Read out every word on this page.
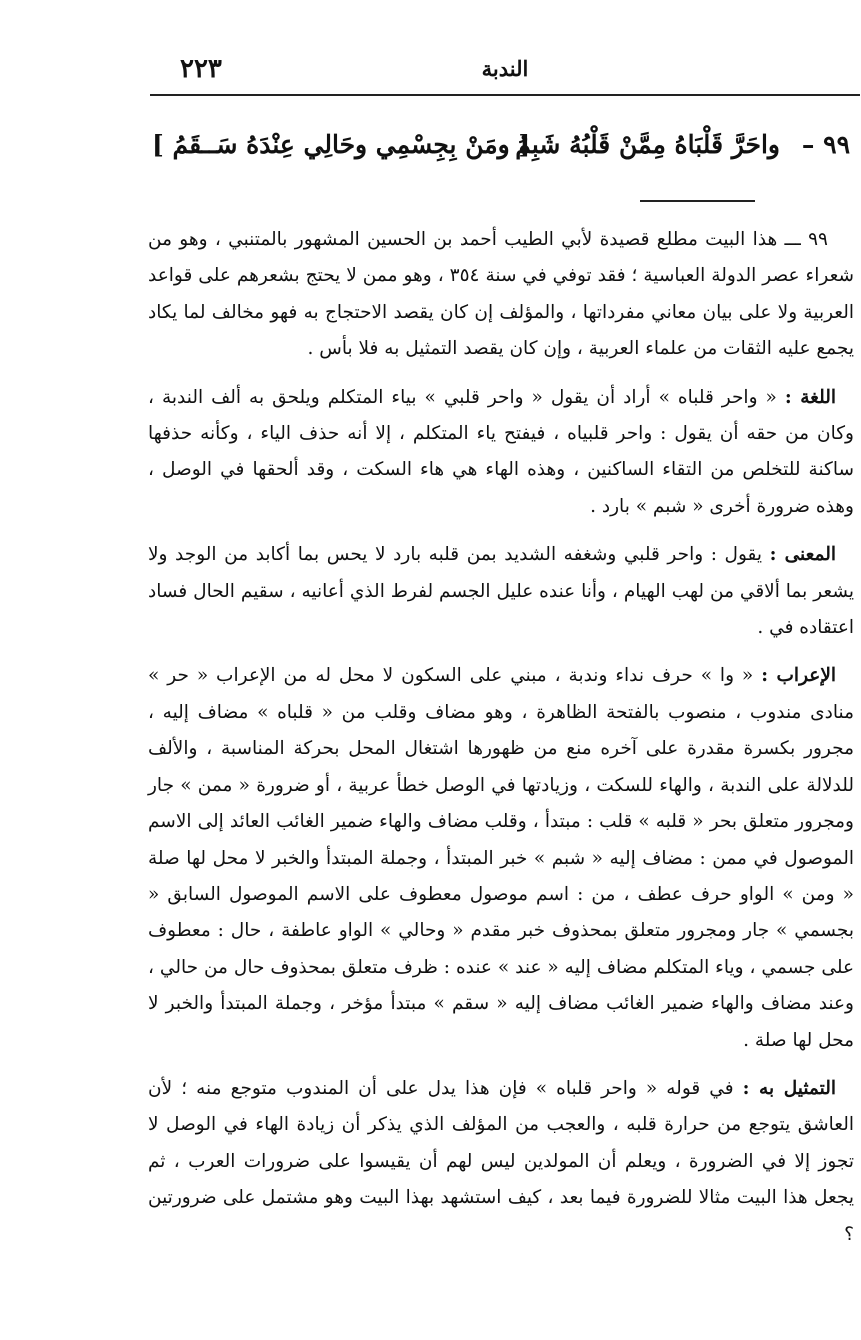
الندبة
٢٢٣
٩٩ –
واحَرَّ قَلْبَاهُ مِمَّنْ قَلْبُهُ شَبِمُ
[ ومَنْ بِجِسْمِي وحَالِي عِنْدَهُ سَــقَمُ ]

٩٩ ـــ هذا البيت مطلع قصيدة لأبي الطيب أحمد بن الحسين المشهور بالمتنبي ، وهو من شعراء عصر الدولة العباسية ؛ فقد توفي في سنة ٣٥٤ ، وهو ممن لا يحتج بشعرهم على قواعد العربية ولا على بيان معاني مفرداتها ، والمؤلف إن كان يقصد الاحتجاج به فهو مخالف لما يكاد يجمع عليه الثقات من علماء العربية ، وإن كان يقصد التمثيل به فلا بأس .

اللغة : « واحر قلباه » أراد أن يقول « واحر قلبي » بياء المتكلم ويلحق به ألف الندبة ، وكان من حقه أن يقول : واحر قلبياه ، فيفتح ياء المتكلم ، إلا أنه حذف الياء ، وكأنه حذفها ساكنة للتخلص من التقاء الساكنين ، وهذه الهاء هي هاء السكت ، وقد ألحقها في الوصل ، وهذه ضرورة أخرى « شبم » بارد .

المعنى : يقول : واحر قلبي وشغفه الشديد بمن قلبه بارد لا يحس بما أكابد من الوجد ولا يشعر بما ألاقي من لهب الهيام ، وأنا عنده عليل الجسم لفرط الذي أعانيه ، سقيم الحال فساد اعتقاده في .

الإعراب : « وا » حرف نداء وندبة ، مبني على السكون لا محل له من الإعراب « حر » منادى مندوب ، منصوب بالفتحة الظاهرة ، وهو مضاف وقلب من « قلباه » مضاف إليه ، مجرور بكسرة مقدرة على آخره منع من ظهورها اشتغال المحل بحركة المناسبة ، والألف للدلالة على الندبة ، والهاء للسكت ، وزيادتها في الوصل خطأ عربية ، أو ضرورة « ممن » جار ومجرور متعلق بحر « قلبه » قلب : مبتدأ ، وقلب مضاف والهاء ضمير الغائب العائد إلى الاسم الموصول في ممن : مضاف إليه « شبم » خبر المبتدأ ، وجملة المبتدأ والخبر لا محل لها صلة « ومن » الواو حرف عطف ، من : اسم موصول معطوف على الاسم الموصول السابق « بجسمي » جار ومجرور متعلق بمحذوف خبر مقدم « وحالي » الواو عاطفة ، حال : معطوف على جسمي ، وياء المتكلم مضاف إليه « عند » عنده : ظرف متعلق بمحذوف حال من حالي ، وعند مضاف والهاء ضمير الغائب مضاف إليه « سقم » مبتدأ مؤخر ، وجملة المبتدأ والخبر لا محل لها صلة .

التمثيل به : في قوله « واحر قلباه » فإن هذا يدل على أن المندوب متوجع منه ؛ لأن العاشق يتوجع من حرارة قلبه ، والعجب من المؤلف الذي يذكر أن زيادة الهاء في الوصل لا تجوز إلا في الضرورة ، ويعلم أن المولدين ليس لهم أن يقيسوا على ضرورات العرب ، ثم يجعل هذا البيت مثالا للضرورة فيما بعد ، كيف استشهد بهذا البيت وهو مشتمل على ضرورتين ؟
